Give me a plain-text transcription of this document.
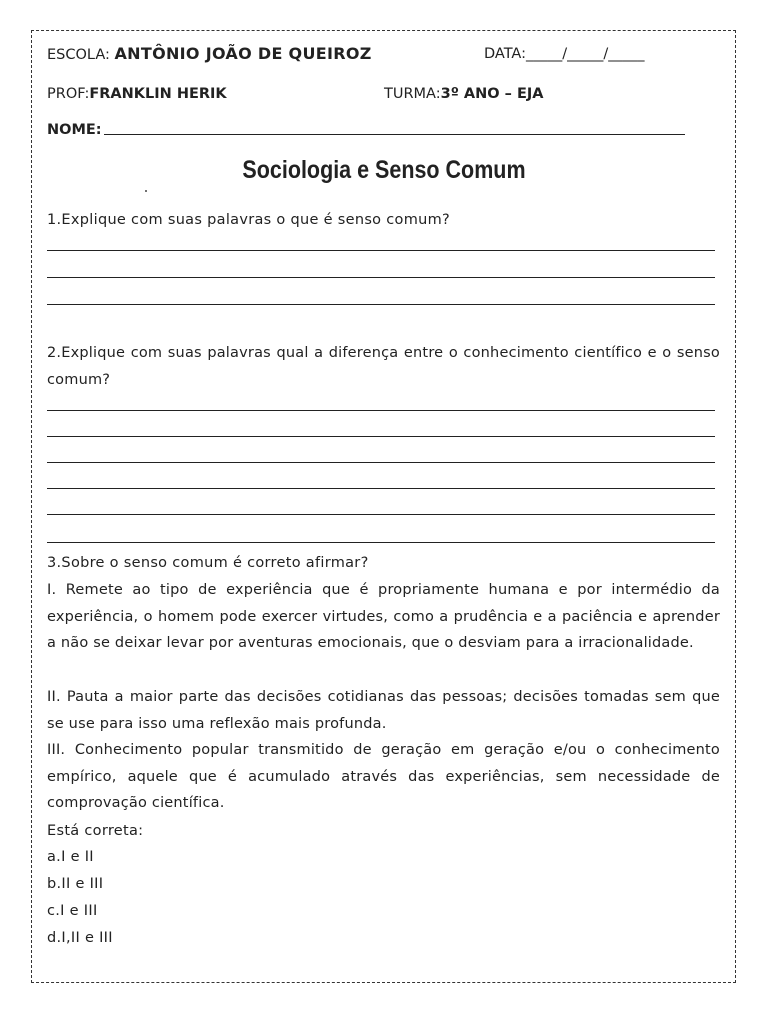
ESCOLA: ANTÔNIO JOÃO DE QUEIROZ	DATA:_____/_____/_____
PROF:FRANKLIN HERIK	TURMA:3º ANO – EJA
NOME:
Sociologia e Senso Comum
1.Explique com suas palavras o que é senso comum?
2.Explique com suas palavras qual a diferença entre o conhecimento científico e o senso comum?
3.Sobre o senso comum é correto afirmar?
I. Remete ao tipo de experiência que é propriamente humana e por intermédio da experiência, o homem pode exercer virtudes, como a prudência e a paciência e aprender a não se deixar levar por aventuras emocionais, que o desviam para a irracionalidade.
II. Pauta a maior parte das decisões cotidianas das pessoas; decisões tomadas sem que se use para isso uma reflexão mais profunda.
III. Conhecimento popular transmitido de geração em geração e/ou o conhecimento empírico, aquele que é acumulado através das experiências, sem necessidade de comprovação científica.
Está correta:
a.I e II
b.II e III
c.I e III
d.I,II e III
